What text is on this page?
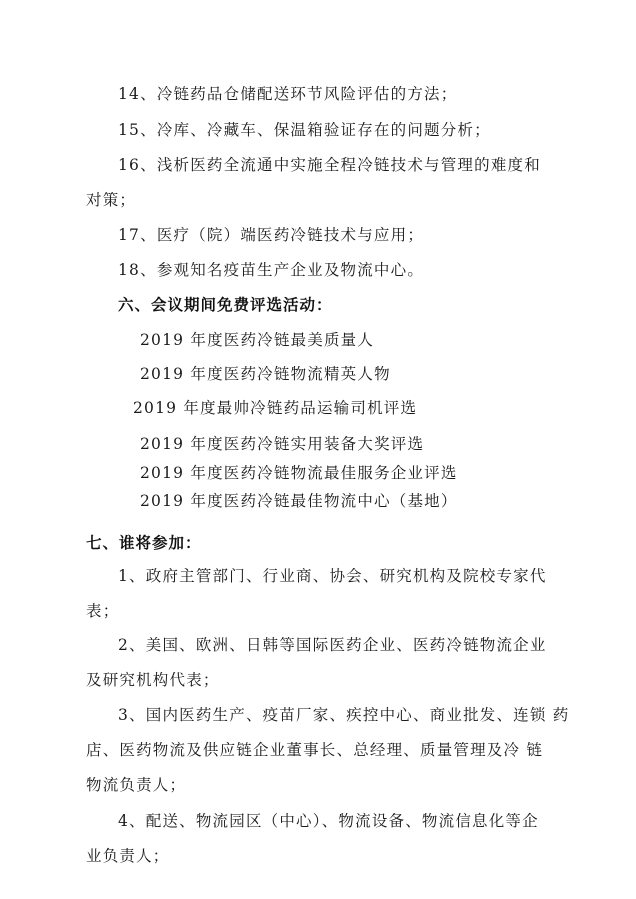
14、冷链药品仓储配送环节风险评估的方法；
15、冷库、冷藏车、保温箱验证存在的问题分析；
16、浅析医药全流通中实施全程冷链技术与管理的难度和
对策；
17、医疗（院）端医药冷链技术与应用；
18、参观知名疫苗生产企业及物流中心。
六、会议期间免费评选活动：
2019 年度医药冷链最美质量人
2019 年度医药冷链物流精英人物
2019 年度最帅冷链药品运输司机评选
2019 年度医药冷链实用装备大奖评选
2019 年度医药冷链物流最佳服务企业评选
2019 年度医药冷链最佳物流中心（基地）
七、谁将参加：
1、政府主管部门、行业商、协会、研究机构及院校专家代
表；
2、美国、欧洲、日韩等国际医药企业、医药冷链物流企业
及研究机构代表；
3、国内医药生产、疫苗厂家、疾控中心、商业批发、连锁 药
店、医药物流及供应链企业董事长、总经理、质量管理及冷 链
物流负责人；
4、配送、物流园区（中心）、物流设备、物流信息化等企
业负责人；
